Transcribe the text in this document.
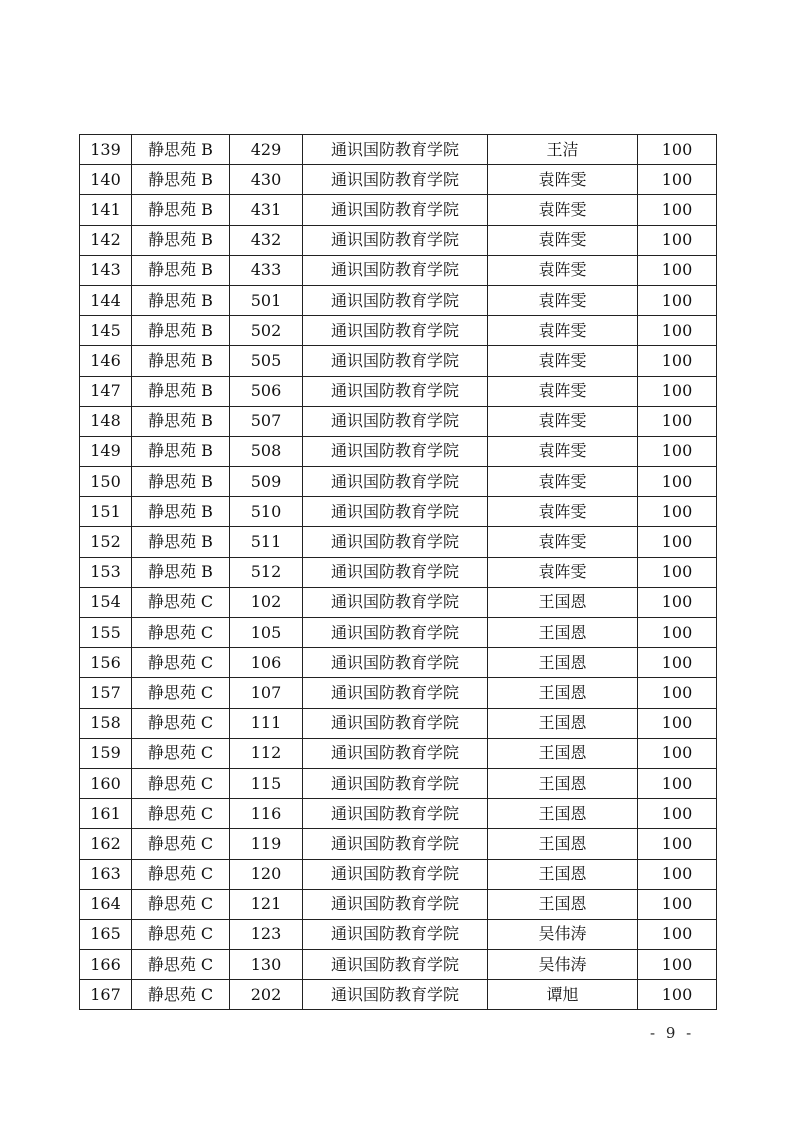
139	静思苑 B	429	通识国防教育学院	王洁	100
140	静思苑 B	430	通识国防教育学院	袁阵雯	100
141	静思苑 B	431	通识国防教育学院	袁阵雯	100
142	静思苑 B	432	通识国防教育学院	袁阵雯	100
143	静思苑 B	433	通识国防教育学院	袁阵雯	100
144	静思苑 B	501	通识国防教育学院	袁阵雯	100
145	静思苑 B	502	通识国防教育学院	袁阵雯	100
146	静思苑 B	505	通识国防教育学院	袁阵雯	100
147	静思苑 B	506	通识国防教育学院	袁阵雯	100
148	静思苑 B	507	通识国防教育学院	袁阵雯	100
149	静思苑 B	508	通识国防教育学院	袁阵雯	100
150	静思苑 B	509	通识国防教育学院	袁阵雯	100
151	静思苑 B	510	通识国防教育学院	袁阵雯	100
152	静思苑 B	511	通识国防教育学院	袁阵雯	100
153	静思苑 B	512	通识国防教育学院	袁阵雯	100
154	静思苑 C	102	通识国防教育学院	王国恩	100
155	静思苑 C	105	通识国防教育学院	王国恩	100
156	静思苑 C	106	通识国防教育学院	王国恩	100
157	静思苑 C	107	通识国防教育学院	王国恩	100
158	静思苑 C	111	通识国防教育学院	王国恩	100
159	静思苑 C	112	通识国防教育学院	王国恩	100
160	静思苑 C	115	通识国防教育学院	王国恩	100
161	静思苑 C	116	通识国防教育学院	王国恩	100
162	静思苑 C	119	通识国防教育学院	王国恩	100
163	静思苑 C	120	通识国防教育学院	王国恩	100
164	静思苑 C	121	通识国防教育学院	王国恩	100
165	静思苑 C	123	通识国防教育学院	吴伟涛	100
166	静思苑 C	130	通识国防教育学院	吴伟涛	100
167	静思苑 C	202	通识国防教育学院	谭旭	100
- 9 -
